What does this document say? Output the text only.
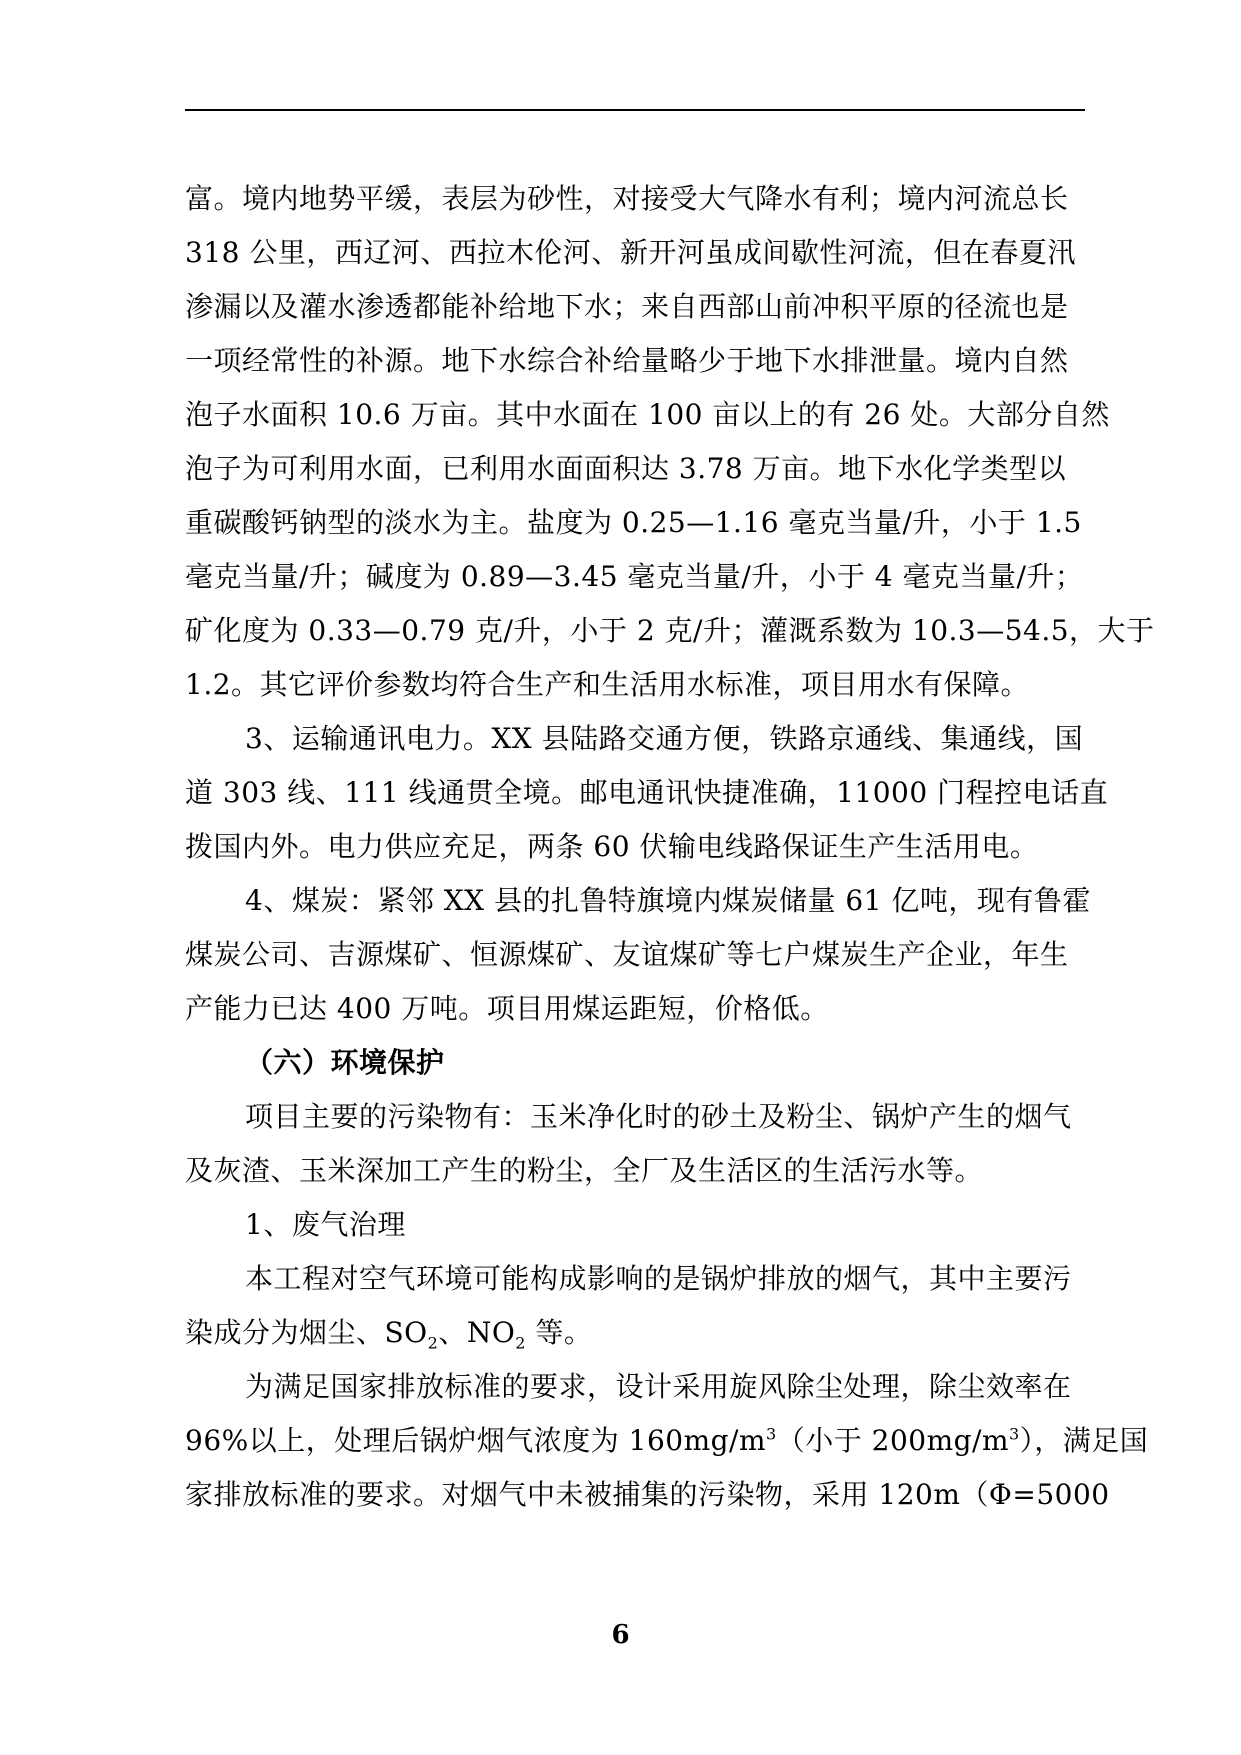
富。境内地势平缓，表层为砂性，对接受大气降水有利；境内河流总长
318 公里，西辽河、西拉木伦河、新开河虽成间歇性河流，但在春夏汛
渗漏以及灌水渗透都能补给地下水；来自西部山前冲积平原的径流也是
一项经常性的补源。地下水综合补给量略少于地下水排泄量。境内自然
泡子水面积 10.6 万亩。其中水面在 100 亩以上的有 26 处。大部分自然
泡子为可利用水面，已利用水面面积达 3.78 万亩。地下水化学类型以
重碳酸钙钠型的淡水为主。盐度为 0.25—1.16 毫克当量/升，小于 1.5
毫克当量/升；碱度为 0.89—3.45 毫克当量/升，小于 4 毫克当量/升；
矿化度为 0.33—0.79 克/升，小于 2 克/升；灌溉系数为 10.3—54.5，大于
1.2。其它评价参数均符合生产和生活用水标准，项目用水有保障。
3、运输通讯电力。XX 县陆路交通方便，铁路京通线、集通线，国
道 303 线、111 线通贯全境。邮电通讯快捷准确，11000 门程控电话直
拨国内外。电力供应充足，两条 60 伏输电线路保证生产生活用电。
4、煤炭：紧邻 XX 县的扎鲁特旗境内煤炭储量 61 亿吨，现有鲁霍
煤炭公司、吉源煤矿、恒源煤矿、友谊煤矿等七户煤炭生产企业，年生
产能力已达 400 万吨。项目用煤运距短，价格低。
（六）环境保护
项目主要的污染物有：玉米净化时的砂土及粉尘、锅炉产生的烟气
及灰渣、玉米深加工产生的粉尘，全厂及生活区的生活污水等。
1、废气治理
本工程对空气环境可能构成影响的是锅炉排放的烟气，其中主要污
染成分为烟尘、$SO_2$、$NO_2$ 等。
为满足国家排放标准的要求，设计采用旋风除尘处理，除尘效率在
96%以上，处理后锅炉烟气浓度为 $160mg/m^3$（小于 $200mg/m^3$），满足国
家排放标准的要求。对烟气中未被捕集的污染物，采用 120m（Φ=5000
6
